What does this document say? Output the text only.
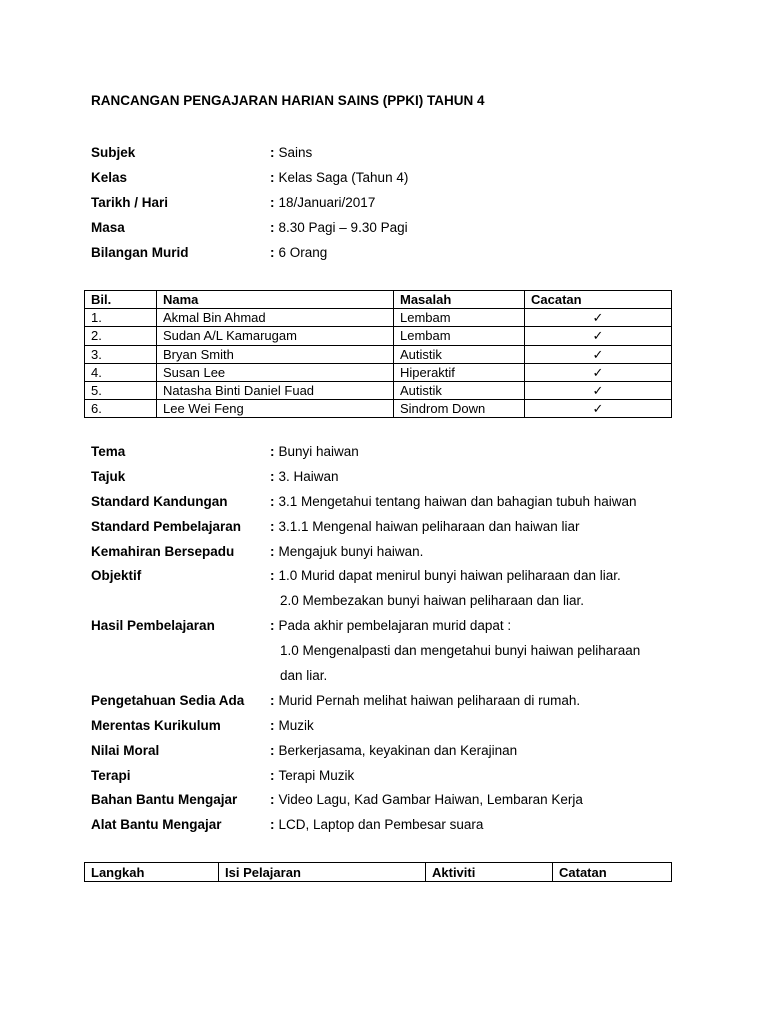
RANCANGAN PENGAJARAN HARIAN SAINS (PPKI) TAHUN 4
Subjek	: Sains
Kelas	: Kelas Saga (Tahun 4)
Tarikh / Hari	: 18/Januari/2017
Masa	: 8.30 Pagi – 9.30 Pagi
Bilangan Murid	: 6 Orang
Bil.	Nama	Masalah	Cacatan
1.	Akmal Bin Ahmad	Lembam	✓
2.	Sudan A/L Kamarugam	Lembam	✓
3.	Bryan Smith	Autistik	✓
4.	Susan Lee	Hiperaktif	✓
5.	Natasha Binti Daniel Fuad	Autistik	✓
6.	Lee Wei Feng	Sindrom Down	✓
Tema	: Bunyi haiwan
Tajuk	: 3. Haiwan
Standard Kandungan	: 3.1 Mengetahui tentang haiwan dan bahagian tubuh haiwan
Standard Pembelajaran	: 3.1.1 Mengenal haiwan peliharaan dan haiwan liar
Kemahiran Bersepadu	: Mengajuk bunyi haiwan.
Objektif	: 1.0 Murid dapat menirul bunyi haiwan peliharaan dan liar.
2.0 Membezakan bunyi haiwan peliharaan dan liar.
Hasil Pembelajaran	: Pada akhir pembelajaran murid dapat :
1.0 Mengenalpasti dan mengetahui bunyi haiwan peliharaan
dan liar.
Pengetahuan Sedia Ada	: Murid Pernah melihat haiwan peliharaan di rumah.
Merentas Kurikulum	: Muzik
Nilai Moral	: Berkerjasama, keyakinan dan Kerajinan
Terapi	: Terapi Muzik
Bahan Bantu Mengajar	: Video Lagu, Kad Gambar Haiwan, Lembaran Kerja
Alat Bantu Mengajar	: LCD, Laptop dan Pembesar suara
Langkah	Isi Pelajaran	Aktiviti	Catatan
